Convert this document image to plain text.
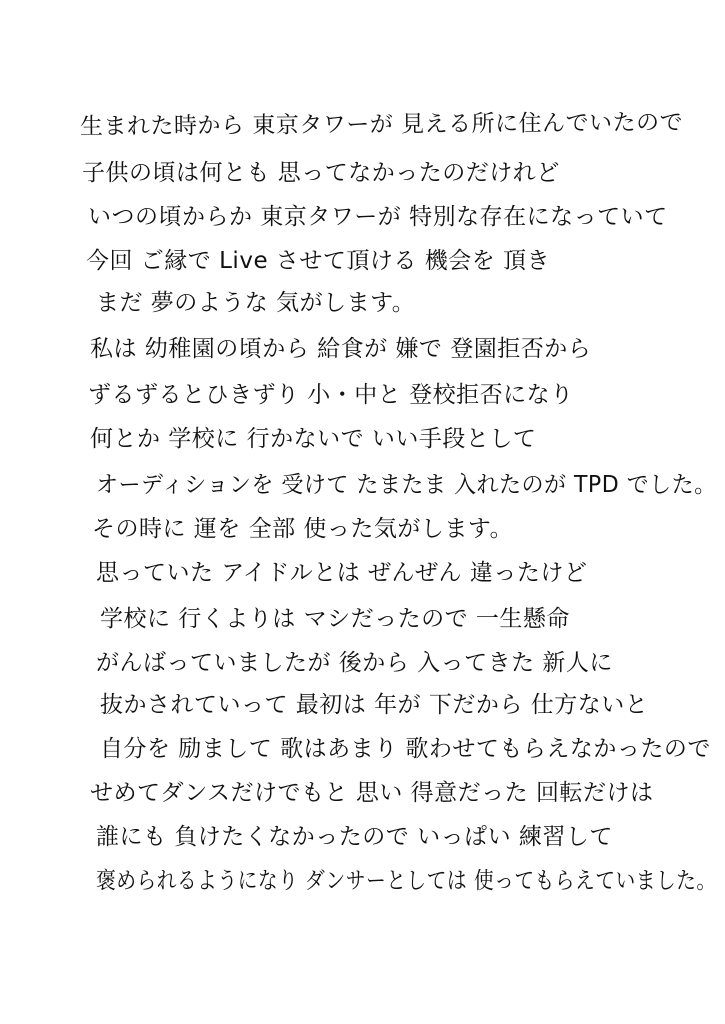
生まれた時から 東京タワーが 見える所に住んでいたので
子供の頃は何とも 思ってなかったのだけれど
いつの頃からか 東京タワーが 特別な存在になっていて
今回 ご縁で Live させて頂ける 機会を 頂き
まだ 夢のような 気がします。
私は 幼稚園の頃から 給食が 嫌で 登園拒否から
ずるずるとひきずり 小・中と 登校拒否になり
何とか 学校に 行かないで いい手段として
オーディションを 受けて たまたま 入れたのが TPD でした。
その時に 運を 全部 使った気がします。
思っていた アイドルとは ぜんぜん 違ったけど
学校に 行くよりは マシだったので 一生懸命
がんばっていましたが 後から 入ってきた 新人に
抜かされていって 最初は 年が 下だから 仕方ないと
自分を 励まして 歌はあまり 歌わせてもらえなかったので
せめてダンスだけでもと 思い 得意だった 回転だけは
誰にも 負けたくなかったので いっぱい 練習して
褒められるようになり ダンサーとしては 使ってもらえていました。
